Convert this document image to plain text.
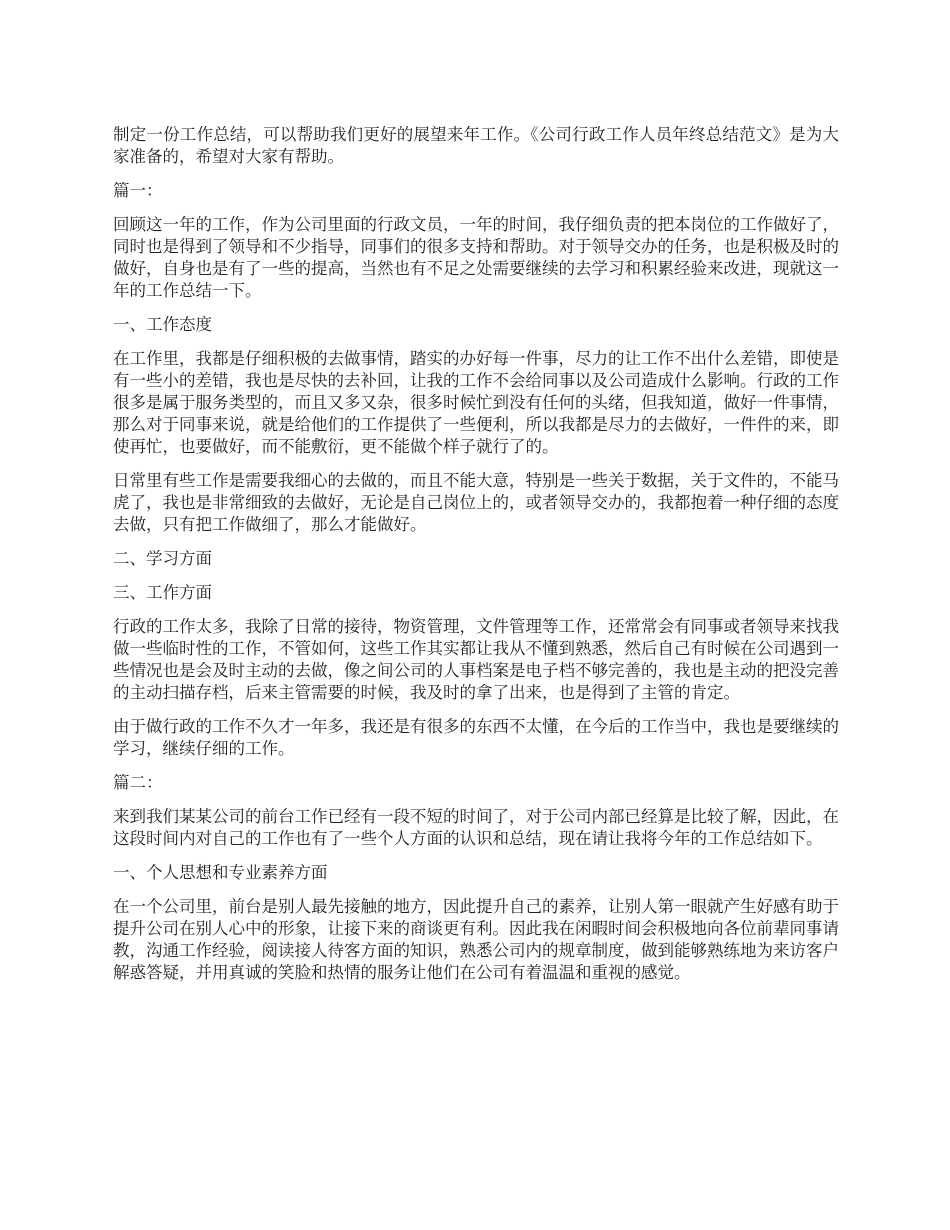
制定一份工作总结，可以帮助我们更好的展望来年工作。《公司行政工作人员年终总结范文》是为大家准备的，希望对大家有帮助。

篇一：

回顾这一年的工作，作为公司里面的行政文员，一年的时间，我仔细负责的把本岗位的工作做好了，同时也是得到了领导和不少指导，同事们的很多支持和帮助。对于领导交办的任务，也是积极及时的做好，自身也是有了一些的提高，当然也有不足之处需要继续的去学习和积累经验来改进，现就这一年的工作总结一下。

一、工作态度

在工作里，我都是仔细积极的去做事情，踏实的办好每一件事，尽力的让工作不出什么差错，即使是有一些小的差错，我也是尽快的去补回，让我的工作不会给同事以及公司造成什么影响。行政的工作很多是属于服务类型的，而且又多又杂，很多时候忙到没有任何的头绪，但我知道，做好一件事情，那么对于同事来说，就是给他们的工作提供了一些便利，所以我都是尽力的去做好，一件件的来，即使再忙，也要做好，而不能敷衍，更不能做个样子就行了的。

日常里有些工作是需要我细心的去做的，而且不能大意，特别是一些关于数据，关于文件的，不能马虎了，我也是非常细致的去做好，无论是自己岗位上的，或者领导交办的，我都抱着一种仔细的态度去做，只有把工作做细了，那么才能做好。

二、学习方面

三、工作方面

行政的工作太多，我除了日常的接待，物资管理，文件管理等工作，还常常会有同事或者领导来找我做一些临时性的工作，不管如何，这些工作其实都让我从不懂到熟悉，然后自己有时候在公司遇到一些情况也是会及时主动的去做，像之间公司的人事档案是电子档不够完善的，我也是主动的把没完善的主动扫描存档，后来主管需要的时候，我及时的拿了出来，也是得到了主管的肯定。

由于做行政的工作不久才一年多，我还是有很多的东西不太懂，在今后的工作当中，我也是要继续的学习，继续仔细的工作。

篇二：

来到我们某某公司的前台工作已经有一段不短的时间了，对于公司内部已经算是比较了解，因此，在这段时间内对自己的工作也有了一些个人方面的认识和总结，现在请让我将今年的工作总结如下。

一、个人思想和专业素养方面

在一个公司里，前台是别人最先接触的地方，因此提升自己的素养，让别人第一眼就产生好感有助于提升公司在别人心中的形象，让接下来的商谈更有利。因此我在闲暇时间会积极地向各位前辈同事请教，沟通工作经验，阅读接人待客方面的知识，熟悉公司内的规章制度，做到能够熟练地为来访客户解惑答疑，并用真诚的笑脸和热情的服务让他们在公司有着温温和重视的感觉。
